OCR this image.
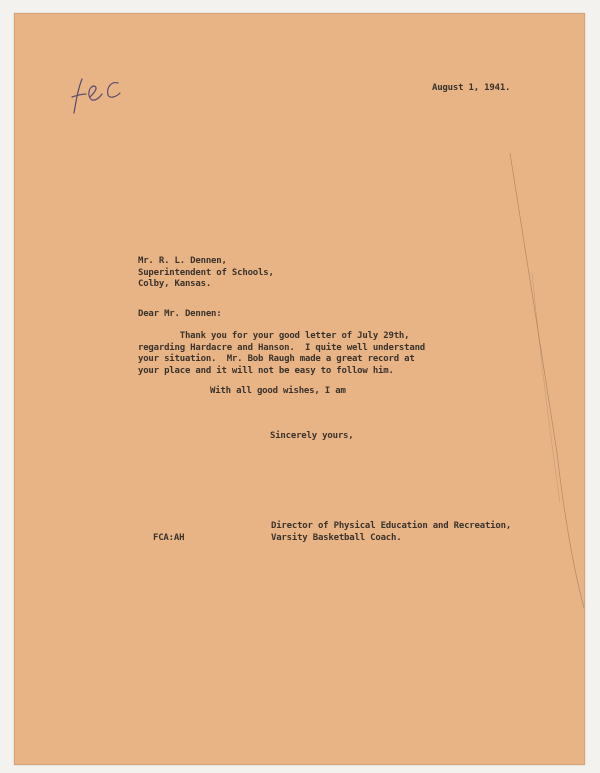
August 1, 1941.
Mr. R. L. Dennen,
Superintendent of Schools,
Colby, Kansas.
Dear Mr. Dennen:
Thank you for your good letter of July 29th,
regarding Hardacre and Hanson.  I quite well understand
your situation.  Mr. Bob Raugh made a great record at
your place and it will not be easy to follow him.
With all good wishes, I am
Sincerely yours,
Director of Physical Education and Recreation,
Varsity Basketball Coach.
FCA:AH
